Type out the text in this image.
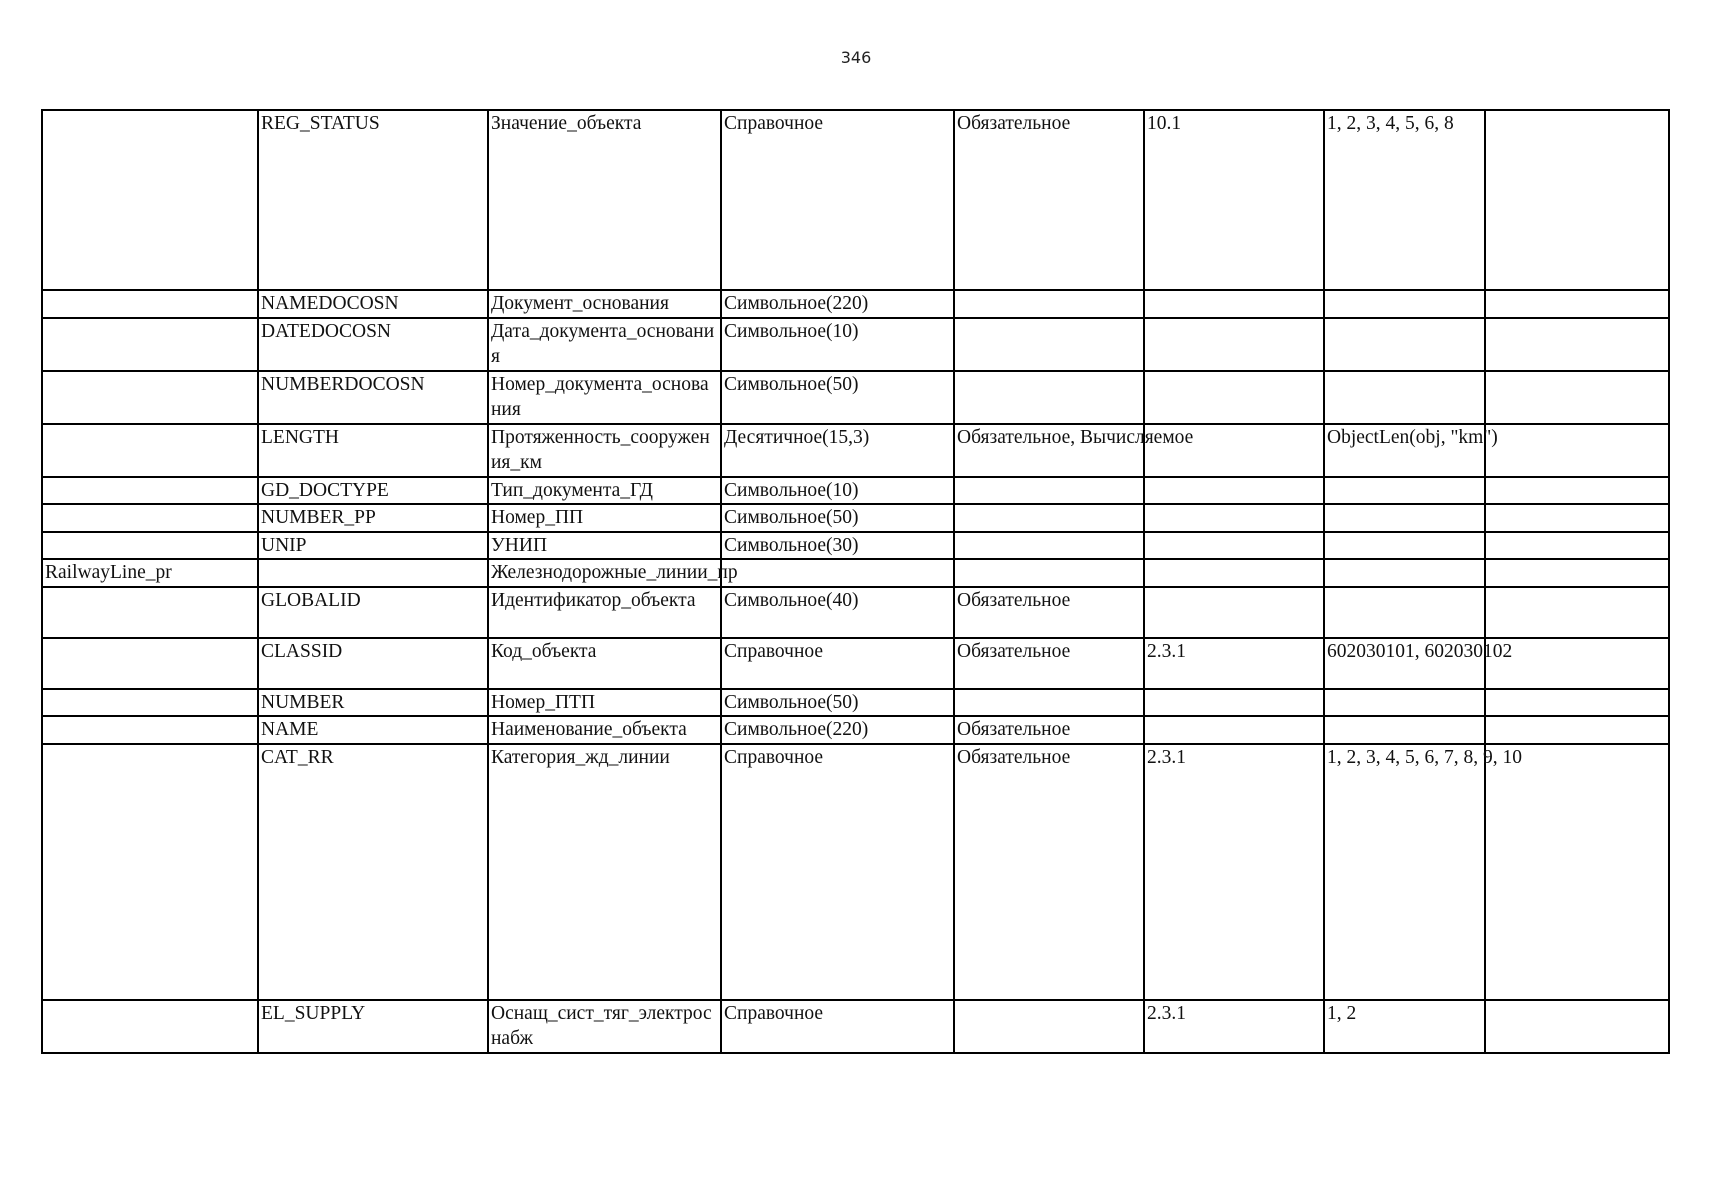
346
	REG_STATUS	Значение_объекта	Справочное	Обязательное	10.1	1, 2, 3, 4, 5, 6, 8	
	NAMEDOCOSN	Документ_основания	Символьное(220)				
	DATEDOCOSN	Дата_документа_основания	Символьное(10)				
	NUMBERDOCOSN	Номер_документа_основания	Символьное(50)				
	LENGTH	Протяженность_сооружения_км	Десятичное(15,3)	Обязательное, Вычисляемое		ObjectLen(obj, "km")	
	GD_DOCTYPE	Тип_документа_ГД	Символьное(10)				
	NUMBER_PP	Номер_ПП	Символьное(50)				
	UNIP	УНИП	Символьное(30)				
RailwayLine_pr		Железнодорожные_линии_пр					
	GLOBALID	Идентификатор_объекта	Символьное(40)	Обязательное			
	CLASSID	Код_объекта	Справочное	Обязательное	2.3.1	602030101, 602030102	
	NUMBER	Номер_ПТП	Символьное(50)				
	NAME	Наименование_объекта	Символьное(220)	Обязательное			
	CAT_RR	Категория_жд_линии	Справочное	Обязательное	2.3.1	1, 2, 3, 4, 5, 6, 7, 8, 9, 10	
	EL_SUPPLY	Оснащ_сист_тяг_электроснабж	Справочное		2.3.1	1, 2	
